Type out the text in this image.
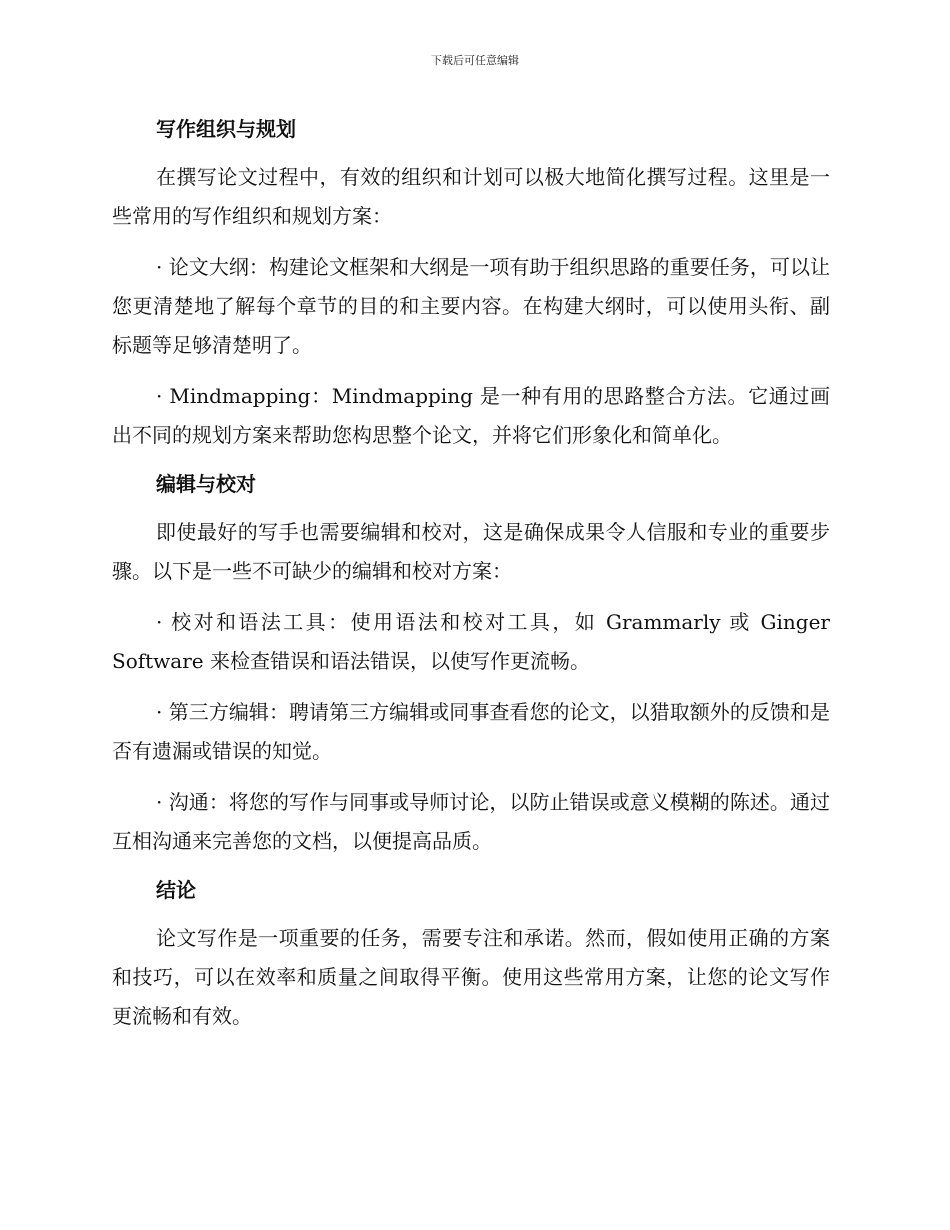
下载后可任意编辑
写作组织与规划

在撰写论文过程中，有效的组织和计划可以极大地简化撰写过程。这里是一些常用的写作组织和规划方案：

· 论文大纲：构建论文框架和大纲是一项有助于组织思路的重要任务，可以让您更清楚地了解每个章节的目的和主要内容。在构建大纲时，可以使用头衔、副标题等足够清楚明了。

· Mindmapping：Mindmapping 是一种有用的思路整合方法。它通过画出不同的规划方案来帮助您构思整个论文，并将它们形象化和简单化。

编辑与校对

即使最好的写手也需要编辑和校对，这是确保成果令人信服和专业的重要步骤。以下是一些不可缺少的编辑和校对方案：

· 校对和语法工具：使用语法和校对工具，如 Grammarly 或 Ginger Software 来检查错误和语法错误，以使写作更流畅。

· 第三方编辑：聘请第三方编辑或同事查看您的论文，以猎取额外的反馈和是否有遗漏或错误的知觉。

· 沟通：将您的写作与同事或导师讨论，以防止错误或意义模糊的陈述。通过互相沟通来完善您的文档，以便提高品质。

结论

论文写作是一项重要的任务，需要专注和承诺。然而，假如使用正确的方案和技巧，可以在效率和质量之间取得平衡。使用这些常用方案，让您的论文写作更流畅和有效。
